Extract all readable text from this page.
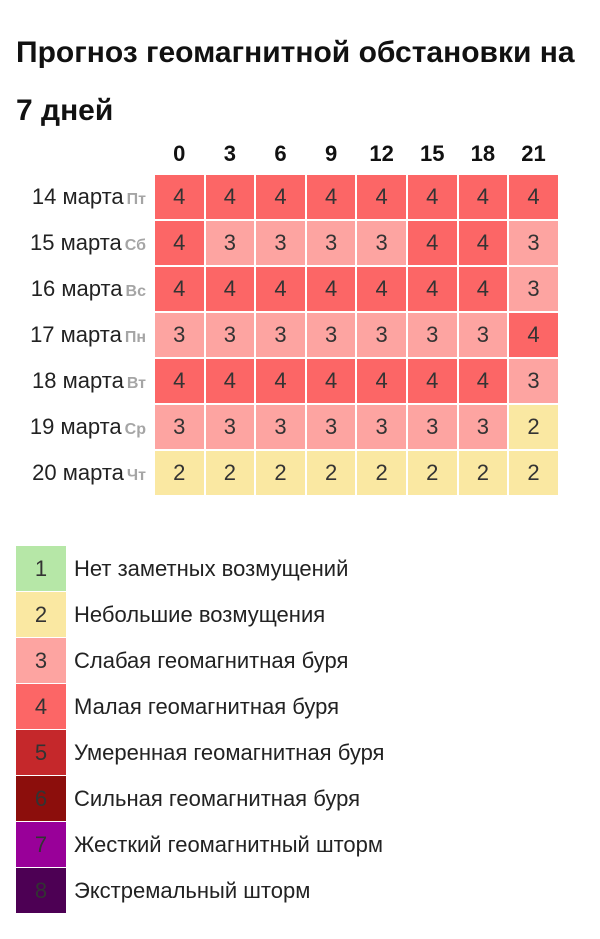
Прогноз геомагнитной обстановки на 7 дней
0	3	6	9	12	15	18	21
14 марта Пт	4	4	4	4	4	4	4	4
15 марта Сб	4	3	3	3	3	4	4	3
16 марта Вс	4	4	4	4	4	4	4	3
17 марта Пн	3	3	3	3	3	3	3	4
18 марта Вт	4	4	4	4	4	4	4	3
19 марта Ср	3	3	3	3	3	3	3	2
20 марта Чт	2	2	2	2	2	2	2	2
1	Нет заметных возмущений
2	Небольшие возмущения
3	Слабая геомагнитная буря
4	Малая геомагнитная буря
5	Умеренная геомагнитная буря
6	Сильная геомагнитная буря
7	Жесткий геомагнитный шторм
8	Экстремальный шторм
